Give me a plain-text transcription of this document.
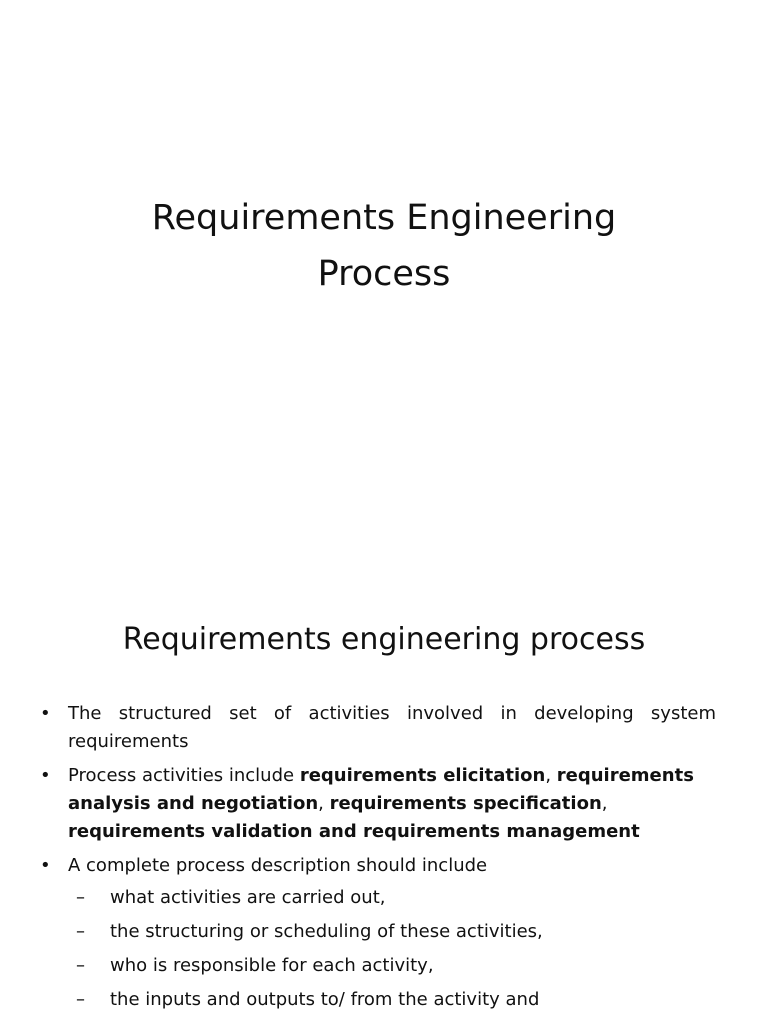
Requirements Engineering
Process
Requirements engineering process
• The structured set of activities involved in developing system requirements
• Process activities include requirements elicitation, requirements analysis and negotiation, requirements specification, requirements validation and requirements management
• A complete process description should include
–	what activities are carried out,
–	the structuring or scheduling of these activities,
–	who is responsible for each activity,
–	the inputs and outputs to/ from the activity and
